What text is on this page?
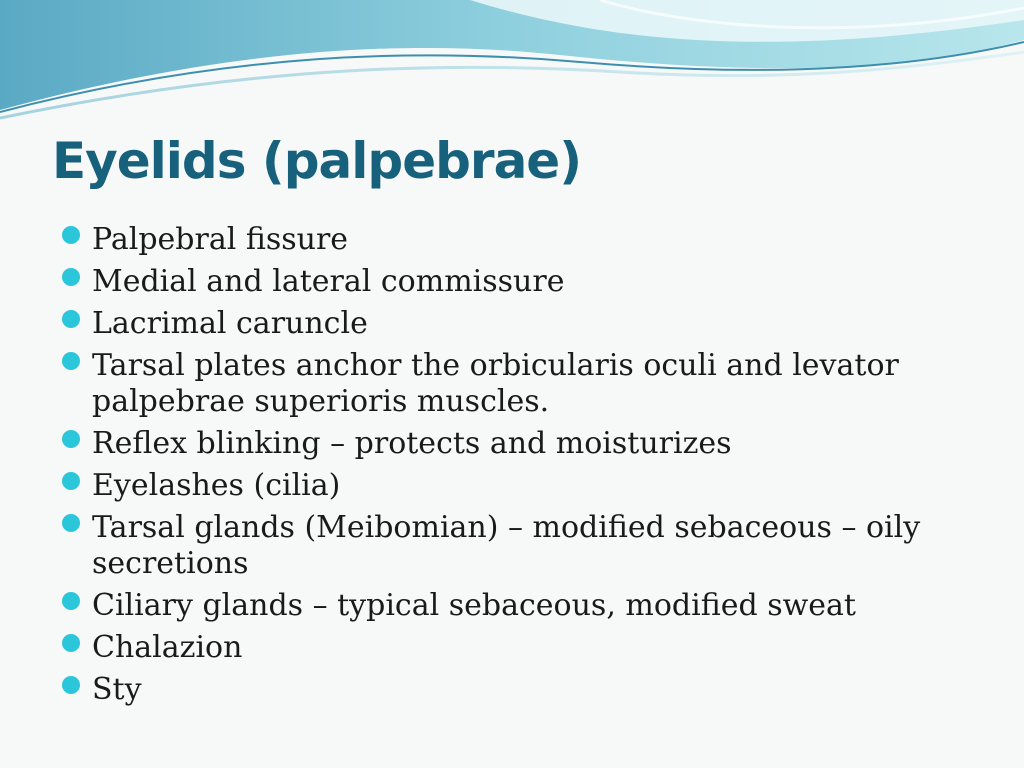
Eyelids (palpebrae)
Palpebral fissure
Medial and lateral commissure
Lacrimal caruncle
Tarsal plates anchor the orbicularis oculi and levator palpebrae superioris muscles.
Reflex blinking – protects and moisturizes
Eyelashes (cilia)
Tarsal glands (Meibomian) – modified sebaceous – oily secretions
Ciliary glands – typical sebaceous, modified sweat
Chalazion
Sty
